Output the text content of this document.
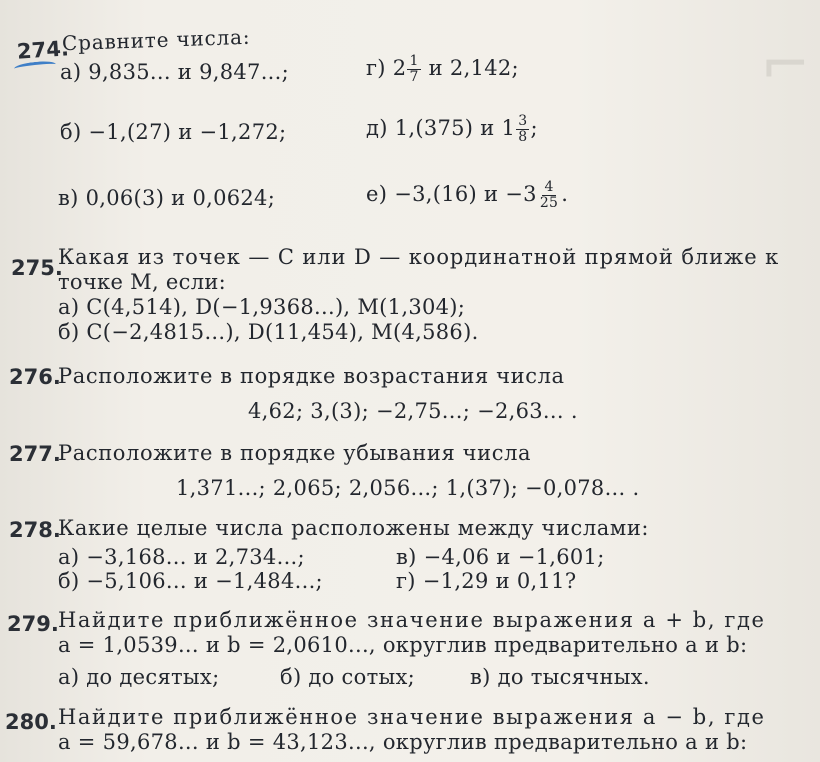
⌐
274.
Сравните числа:
а) 9,835... и 9,847...;
б) −1,(27) и −1,272;
в) 0,06(3) и 0,0624;
г) $2 \frac{1}{7}$ и 2,142;
д) 1,(375) и $1 \frac{3}{8}$ ;
е) −3,(16) $и -3 \frac{4}{25}$ .
275.
Какая из точек — C или D — координатной прямой ближе к
точке M, если:
а) C(4,514), D(−1,9368...), M(1,304);
б) C(−2,4815...), D(11,454), M(4,586).
276.
Расположите в порядке возрастания числа
4,62; 3,(3); −2,75...; −2,63... .
277.
Расположите в порядке убывания числа
1,371...; 2,065; 2,056...; 1,(37); −0,078... .
278.
Какие целые числа расположены между числами:
а) −3,168... и 2,734...;
б) −5,106... и −1,484...;
в) −4,06 и −1,601;
г) −1,29 и 0,11?
279. Найдите приближённое значение выражения a + b, где
a = 1,0539... и b = 2,0610..., округлив предварительно a и b:
а) до десятых;	б) до сотых;	в) до тысячных.
280. Найдите приближённое значение выражения a − b, где
a = 59,678... и b = 43,123..., округлив предварительно a и b:
